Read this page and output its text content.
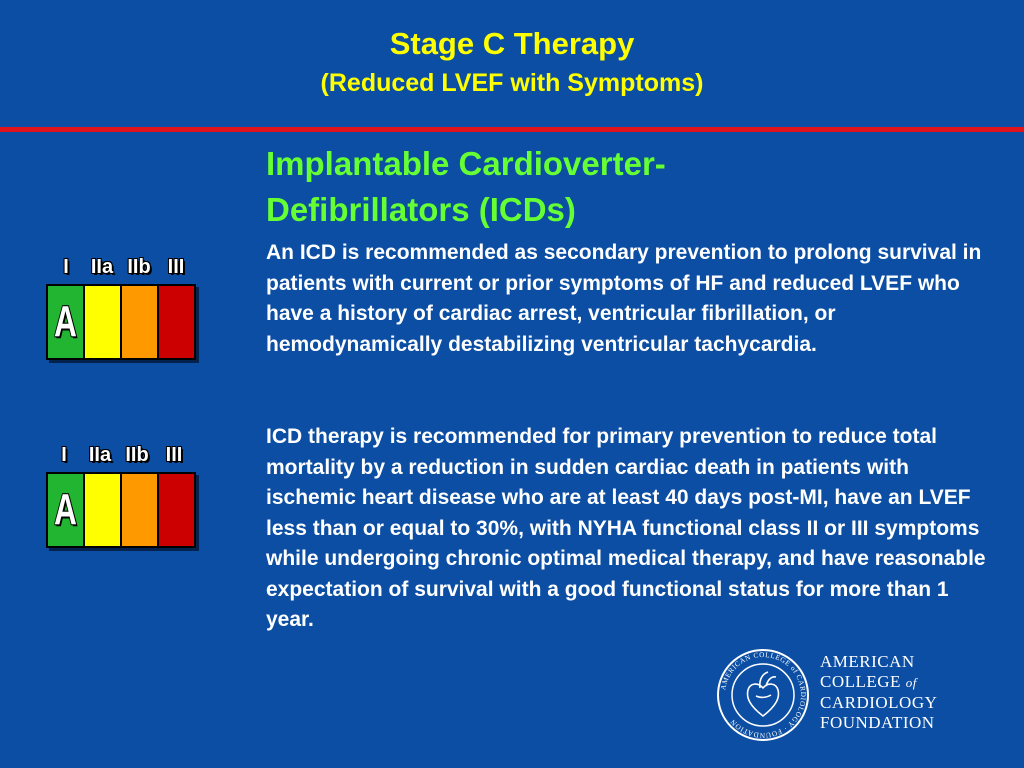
Stage C Therapy
(Reduced LVEF with Symptoms)
Implantable Cardioverter-
Defibrillators (ICDs)

An ICD is recommended as secondary prevention to prolong survival in patients with current or prior symptoms of HF and reduced LVEF who have a history of cardiac arrest, ventricular fibrillation, or hemodynamically destabilizing ventricular tachycardia.

ICD therapy is recommended for primary prevention to reduce total mortality by a reduction in sudden cardiac death in patients with ischemic heart disease who are at least 40 days post-MI, have an LVEF less than or equal to 30%, with NYHA functional class II or III symptoms while undergoing chronic optimal medical therapy, and have reasonable expectation of survival with a good functional status for more than 1 year.

I	IIa IIb III
A
I	IIa IIb III
A
AMERICAN COLLEGE of CARDIOLOGY · FOUNDATION
AMERICAN
COLLEGE of
CARDIOLOGY
FOUNDATION
